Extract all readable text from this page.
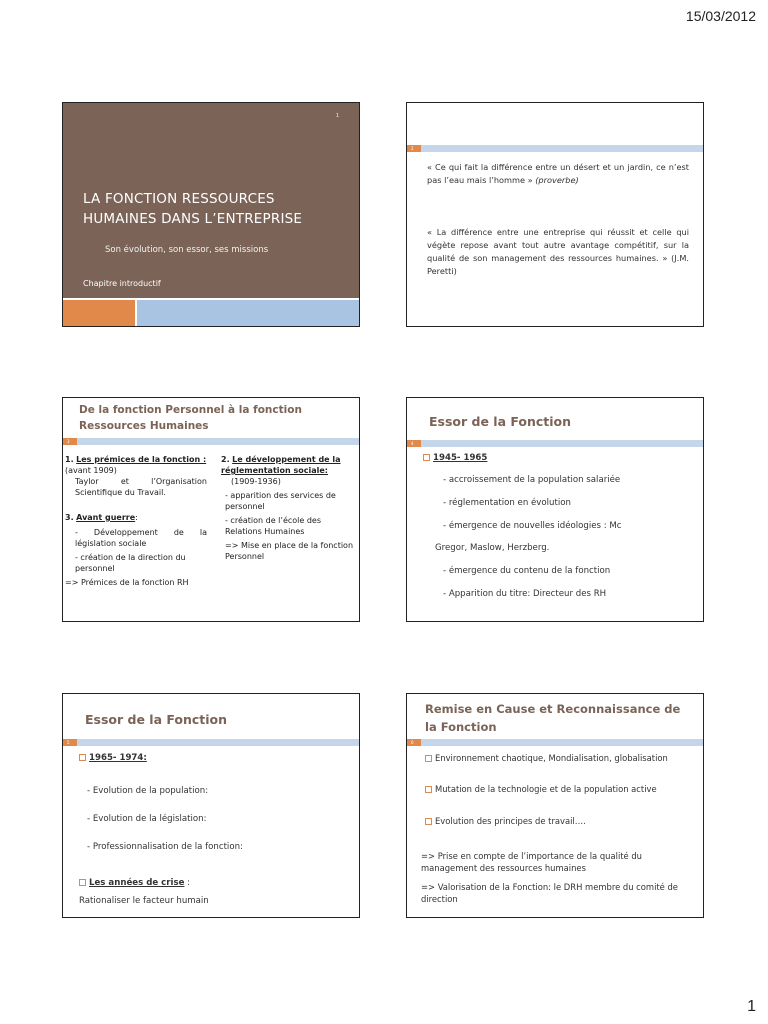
15/03/2012
1
LA FONCTION RESSOURCES
HUMAINES DANS L’ENTREPRISE
Son évolution, son essor, ses missions
Chapitre introductif
2
« Ce qui fait la différence entre un désert et un jardin, ce n’est pas l’eau mais l’homme » (proverbe)
« La différence entre une entreprise qui réussit et celle qui végète repose avant tout autre avantage compétitif, sur la qualité de son management des ressources humaines. » (J.M. Peretti)
De la fonction Personnel à la fonction Ressources Humaines
3

1. Les prémices de la fonction : (avant 1909)

Taylor et l’Organisation Scientifique du Travail.

3. Avant guerre:

- Développement de la législation sociale

- création de la direction du personnel

=> Prémices de la fonction RH

2. Le développement de la réglementation sociale:

(1909-1936)

- apparition des services de personnel

- création de l’école des Relations Humaines

=> Mise en place de la fonction Personnel

Essor de la Fonction
4
1945- 1965
- accroissement de la population salariée
- réglementation en évolution
- émergence de nouvelles idéologies : Mc
Gregor, Maslow, Herzberg.
- émergence du contenu de la fonction
- Apparition du titre: Directeur des RH
Essor de la Fonction
5
1965- 1974:
- Evolution de la population:
- Evolution de la législation:
- Professionnalisation de la fonction:
Les années de crise :
Rationaliser le facteur humain
Remise en Cause et Reconnaissance de la Fonction
6
Environnement chaotique, Mondialisation, globalisation
Mutation de la technologie et de la population active
Evolution des principes de travail….
=> Prise en compte de l’importance de la qualité du management des ressources humaines
=> Valorisation de la Fonction: le DRH membre du comité de direction
1
